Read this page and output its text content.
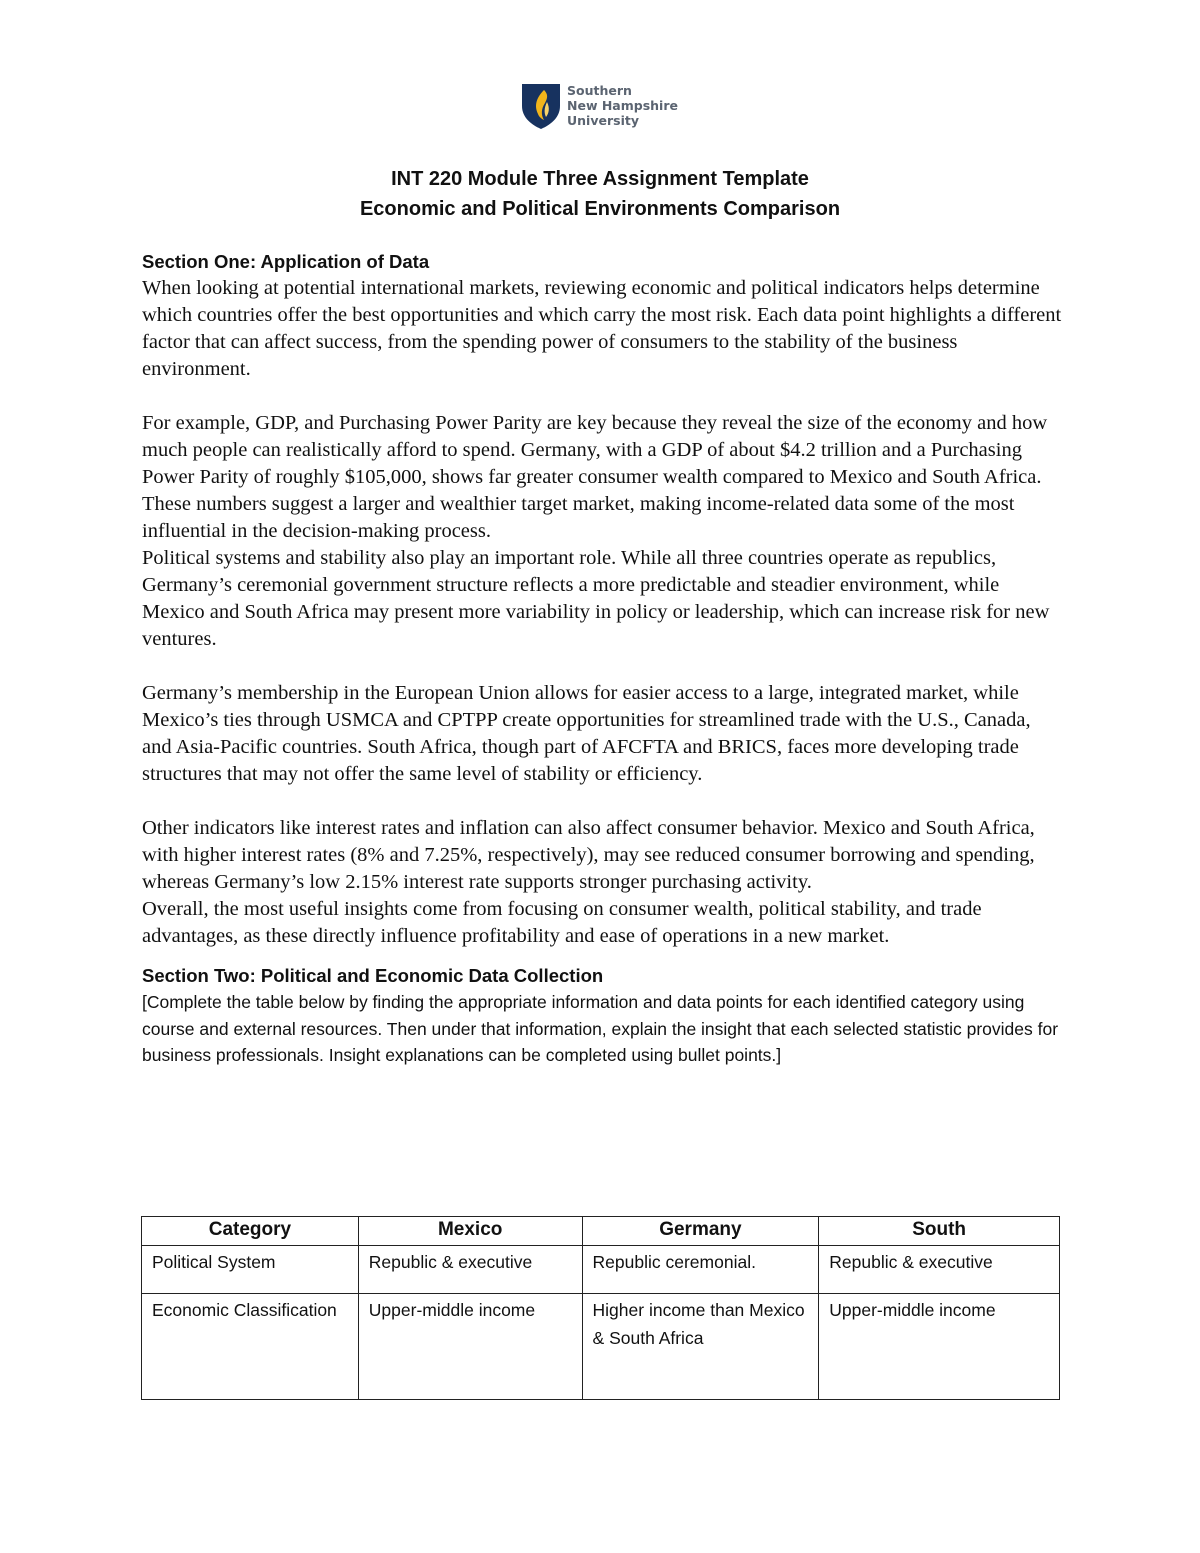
Southern
New Hampshire
University
INT 220 Module Three Assignment Template
Economic and Political Environments Comparison

Section One: Application of Data

When looking at potential international markets, reviewing economic and political indicators helps determine which countries offer the best opportunities and which carry the most risk. Each data point highlights a different factor that can affect success, from the spending power of consumers to the stability of the business environment.

For example, GDP, and Purchasing Power Parity are key because they reveal the size of the economy and how much people can realistically afford to spend. Germany, with a GDP of about $4.2 trillion and a Purchasing Power Parity of roughly $105,000, shows far greater consumer wealth compared to Mexico and South Africa. These numbers suggest a larger and wealthier target market, making income-related data some of the most influential in the decision-making process.

Political systems and stability also play an important role. While all three countries operate as republics, Germany’s ceremonial government structure reflects a more predictable and steadier environment, while Mexico and South Africa may present more variability in policy or leadership, which can increase risk for new ventures.

Germany’s membership in the European Union allows for easier access to a large, integrated market, while Mexico’s ties through USMCA and CPTPP create opportunities for streamlined trade with the U.S., Canada, and Asia-Pacific countries. South Africa, though part of AFCFTA and BRICS, faces more developing trade structures that may not offer the same level of stability or efficiency.

Other indicators like interest rates and inflation can also affect consumer behavior. Mexico and South Africa, with higher interest rates (8% and 7.25%, respectively), may see reduced consumer borrowing and spending, whereas Germany’s low 2.15% interest rate supports stronger purchasing activity.

Overall, the most useful insights come from focusing on consumer wealth, political stability, and trade advantages, as these directly influence profitability and ease of operations in a new market.

Section Two: Political and Economic Data Collection

[Complete the table below by finding the appropriate information and data points for each identified category using course and external resources. Then under that information, explain the insight that each selected statistic provides for business professionals. Insight explanations can be completed using bullet points.]

Category	Mexico	Germany	South
Political System	Republic & executive	Republic ceremonial.	Republic & executive
Economic Classification	Upper-middle income	Higher income than Mexico & South Africa	Upper-middle income
